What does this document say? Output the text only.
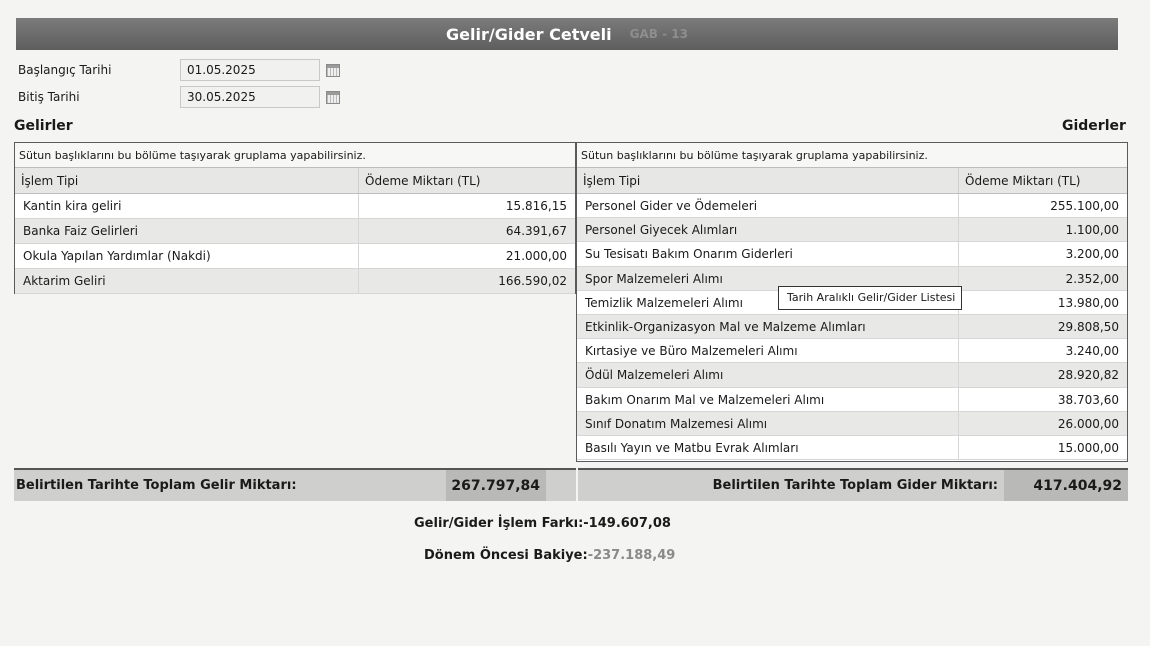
Gelir/Gider Cetveli GAB - 13
Başlangıç Tarihi	01.05.2025
Bitiş Tarihi	30.05.2025
Gelirler	Giderler
Sütun başlıklarını bu bölüme taşıyarak gruplama yapabilirsiniz.
İşlem Tipi	Ödeme Miktarı (TL)
Kantin kira geliri	15.816,15
Banka Faiz Gelirleri	64.391,67
Okula Yapılan Yardımlar (Nakdi)	21.000,00
Aktarim Geliri	166.590,02
Sütun başlıklarını bu bölüme taşıyarak gruplama yapabilirsiniz.
İşlem Tipi	Ödeme Miktarı (TL)
Personel Gider ve Ödemeleri	255.100,00
Personel Giyecek Alımları	1.100,00
Su Tesisatı Bakım Onarım Giderleri	3.200,00
Spor Malzemeleri Alımı	2.352,00
Temizlik Malzemeleri Alımı	13.980,00
Etkinlik-Organizasyon Mal ve Malzeme Alımları	29.808,50
Kırtasiye ve Büro Malzemeleri Alımı	3.240,00
Ödül Malzemeleri Alımı	28.920,82
Bakım Onarım Mal ve Malzemeleri Alımı	38.703,60
Sınıf Donatım Malzemesi Alımı	26.000,00
Basılı Yayın ve Matbu Evrak Alımları	15.000,00
Tarih Aralıklı Gelir/Gider Listesi
Belirtilen Tarihte Toplam Gelir Miktarı:	267.797,84	Belirtilen Tarihte Toplam Gider Miktarı:	417.404,92
Gelir/Gider İşlem Farkı:-149.607,08
Dönem Öncesi Bakiye:-237.188,49
